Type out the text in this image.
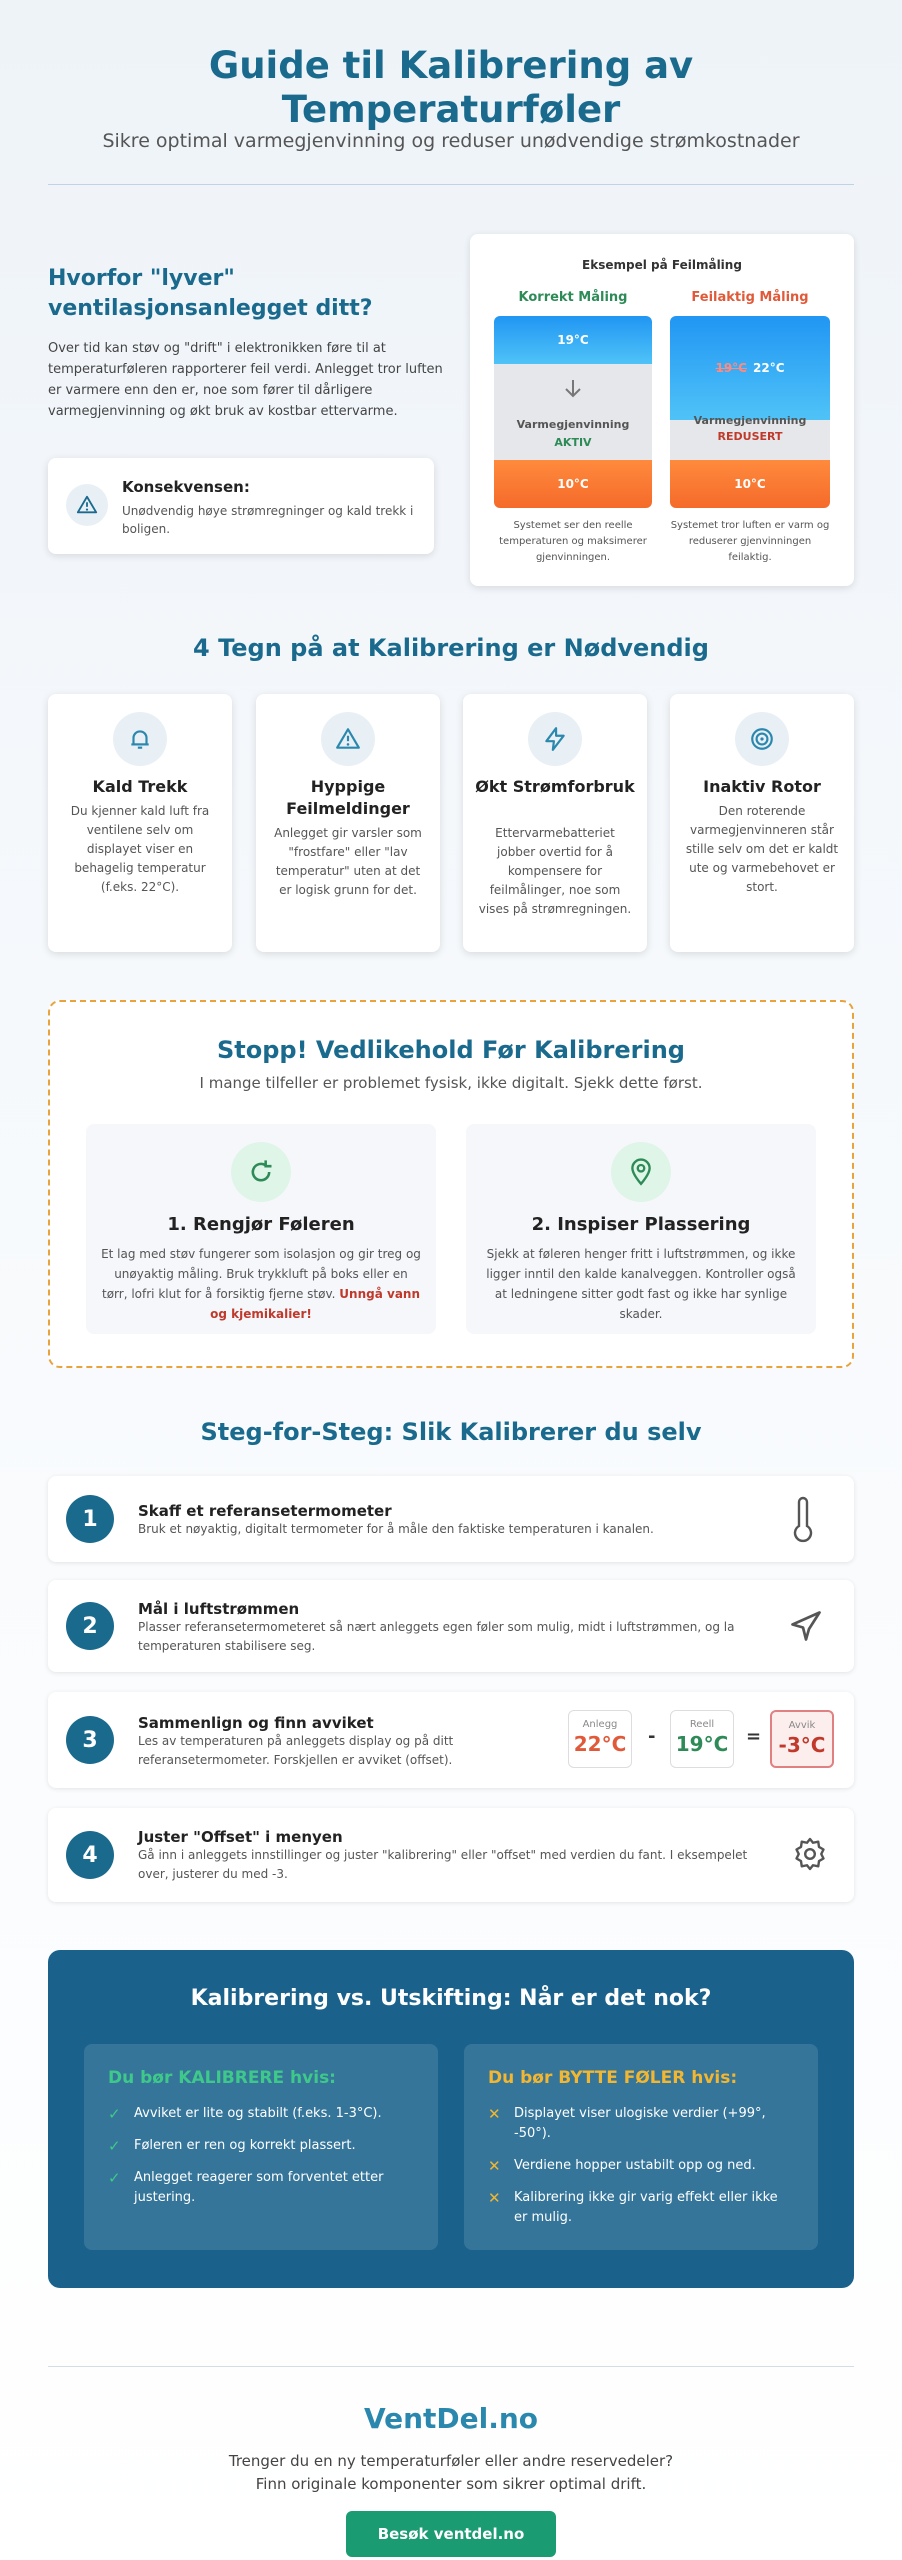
Guide til Kalibrering av
Temperaturføler
Sikre optimal varmegjenvinning og reduser unødvendige strømkostnader
Hvorfor "lyver"
ventilasjonsanlegget ditt?
Over tid kan støv og "drift" i elektronikken føre til at temperaturføleren rapporterer feil verdi. Anlegget tror luften er varmere enn den er, noe som fører til dårligere varmegjenvinning og økt bruk av kostbar ettervarme.
Konsekvensen:
Unødvendig høye strømregninger og kald trekk i boligen.
Eksempel på Feilmåling
Korrekt Måling
19°C
Varmegjenvinning
AKTIV
10°C
Systemet ser den reelle temperaturen og maksimerer gjenvinningen.
Feilaktig Måling
19°C 22°C
Varmegjenvinning
REDUSERT
10°C
Systemet tror luften er varm og reduserer gjenvinningen feilaktig.
4 Tegn på at Kalibrering er Nødvendig
Kald Trekk
Du kjenner kald luft fra ventilene selv om displayet viser en behagelig temperatur (f.eks. 22°C).
Hyppige Feilmeldinger
Anlegget gir varsler som "frostfare" eller "lav temperatur" uten at det er logisk grunn for det.
Økt Strømforbruk
Ettervarmebatteriet jobber overtid for å kompensere for feilmålinger, noe som vises på strømregningen.
Inaktiv Rotor
Den roterende varmegjenvinneren står stille selv om det er kaldt ute og varmebehovet er stort.
Stopp! Vedlikehold Før Kalibrering
I mange tilfeller er problemet fysisk, ikke digitalt. Sjekk dette først.
1. Rengjør Føleren
Et lag med støv fungerer som isolasjon og gir treg og unøyaktig måling. Bruk trykkluft på boks eller en tørr, lofri klut for å forsiktig fjerne støv. Unngå vann og kjemikalier!
2. Inspiser Plassering
Sjekk at føleren henger fritt i luftstrømmen, og ikke ligger inntil den kalde kanalveggen. Kontroller også at ledningene sitter godt fast og ikke har synlige skader.
Steg-for-Steg: Slik Kalibrerer du selv
1	Skaff et referansetermometer
Bruk et nøyaktig, digitalt termometer for å måle den faktiske temperaturen i kanalen.
2
Mål i luftstrømmen
Plasser referansetermometeret så nært anleggets egen føler som mulig, midt i luftstrømmen, og la temperaturen stabilisere seg.
3
Sammenlign og finn avviket
Les av temperaturen på anleggets display og på ditt referansetermometer. Forskjellen er avviket (offset).
Anlegg
22°C -
Reell
19°C =
Avvik
-3°C
4
Juster "Offset" i menyen
Gå inn i anleggets innstillinger og juster "kalibrering" eller "offset" med verdien du fant. I eksempelet over, justerer du med -3.
Kalibrering vs. Utskifting: Når er det nok?
Du bør KALIBRERE hvis:
✓ Avviket er lite og stabilt (f.eks. 1-3°C).
✓ Føleren er ren og korrekt plassert.
✓ Anlegget reagerer som forventet etter justering.
Du bør BYTTE FØLER hvis:
✕ Displayet viser ulogiske verdier (+99°, -50°).
✕ Verdiene hopper ustabilt opp og ned.
✕ Kalibrering ikke gir varig effekt eller ikke er mulig.
VentDel.no
Trenger du en ny temperaturføler eller andre reservedeler?
Finn originale komponenter som sikrer optimal drift.
Besøk ventdel.no
